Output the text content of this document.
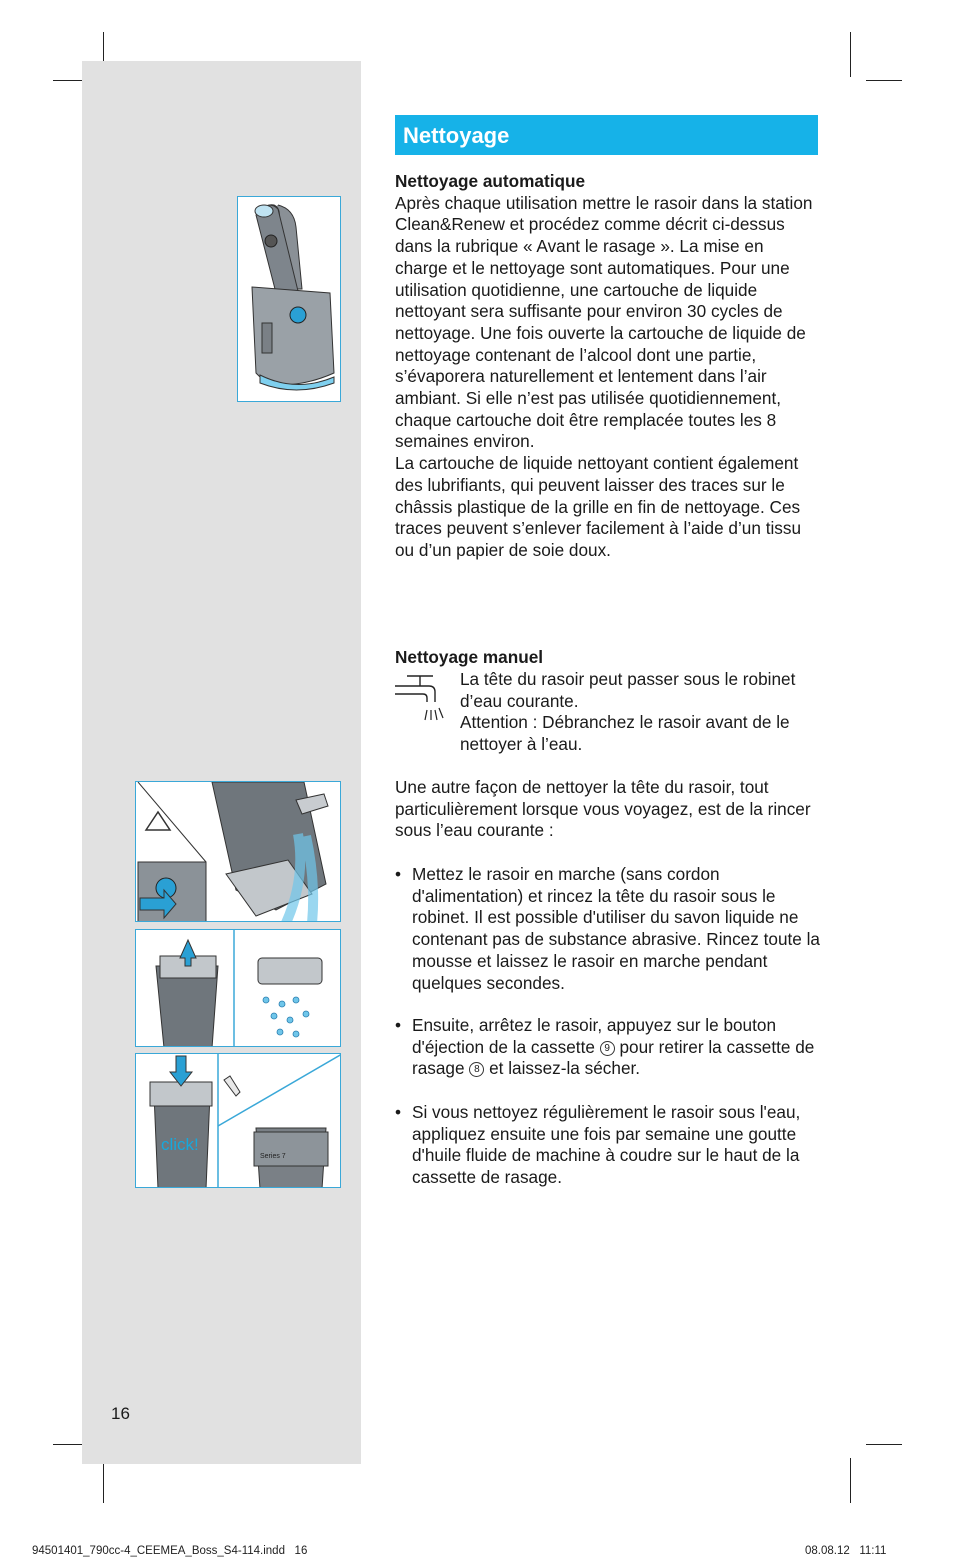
Series 7
click!
Nettoyage

Nettoyage automatique

Après chaque utilisation mettre le rasoir dans la station Clean&Renew et procédez comme décrit ci-dessus dans la rubrique « Avant le rasage ». La mise en charge et le nettoyage sont automatiques. Pour une utilisation quotidienne, une cartouche de liquide nettoyant sera suffisante pour environ 30 cycles de nettoyage. Une fois ouverte la cartouche de liquide de nettoyage contenant de l’alcool dont une partie, s’évaporera naturellement et lentement dans l’air ambiant. Si elle n’est pas utilisée quotidiennement, chaque cartouche doit être remplacée toutes les 8 semaines environ.

La cartouche de liquide nettoyant contient également des lubrifiants, qui peuvent laisser des traces sur le châssis plastique de la grille en fin de nettoyage. Ces traces peuvent s’enlever facilement à l’aide d’un tissu ou d’un papier de soie doux.

Nettoyage manuel

La tête du rasoir peut passer sous le robinet d’eau courante.

Attention : Débranchez le rasoir avant de le nettoyer à l’eau.

Une autre façon de nettoyer la tête du rasoir, tout particulièrement lorsque vous voyagez, est de la rincer sous l’eau courante :

• Mettez le rasoir en marche (sans cordon d'alimentation) et rincez la tête du rasoir sous le robinet. Il est possible d'utiliser du savon liquide ne contenant pas de substance abrasive. Rincez toute la mousse et laissez le rasoir en marche pendant quelques secondes.
• Ensuite, arrêtez le rasoir, appuyez sur le bouton d'éjection de la cassette 9 pour retirer la cassette de rasage 8 et laissez-la sécher.
• Si vous nettoyez régulièrement le rasoir sous l'eau, appliquez ensuite une fois par semaine une goutte d'huile fluide de machine à coudre sur le haut de la cassette de rasage.
16
94501401_790cc-4_CEEMEA_Boss_S4-114.indd   16	08.08.12   11:11
